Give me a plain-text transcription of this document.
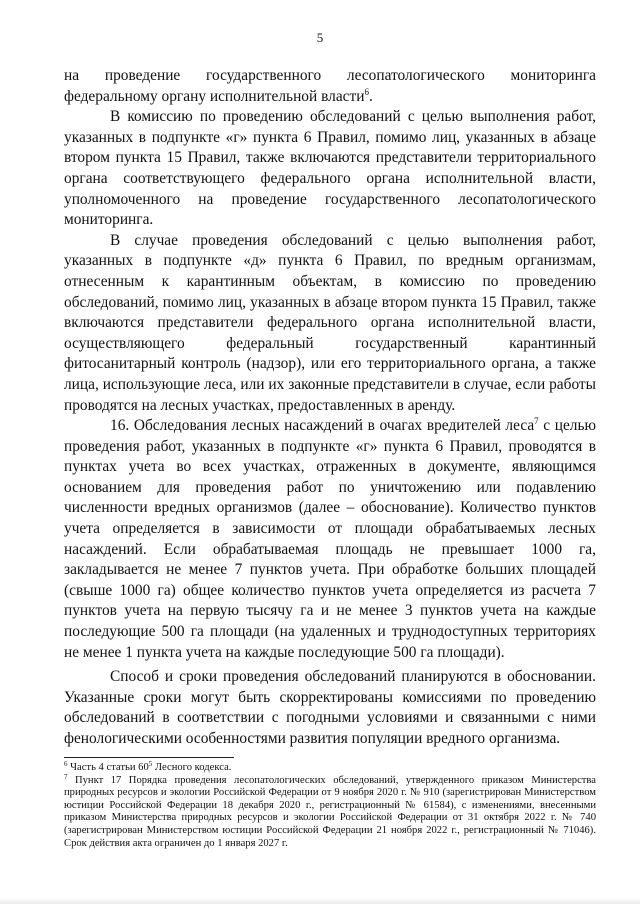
5

на проведение государственного лесопатологического мониторинга федеральному органу исполнительной власти$^6$.

В комиссию по проведению обследований с целью выполнения работ, указанных в подпункте «г» пункта 6 Правил, помимо лиц, указанных в абзаце втором пункта 15 Правил, также включаются представители территориального органа соответствующего федерального органа исполнительной власти, уполномоченного на проведение государственного лесопатологического мониторинга.

В случае проведения обследований с целью выполнения работ, указанных в подпункте «д» пункта 6 Правил, по вредным организмам, отнесенным к карантинным объектам, в комиссию по проведению обследований, помимо лиц, указанных в абзаце втором пункта 15 Правил, также включаются представители федерального органа исполнительной власти, осуществляющего федеральный государственный карантинный фитосанитарный контроль (надзор), или его территориального органа, а также лица, использующие леса, или их законные представители в случае, если работы проводятся на лесных участках, предоставленных в аренду.

16. Обследования лесных насаждений в очагах вредителей леса$^7$ с целью проведения работ, указанных в подпункте «г» пункта 6 Правил, проводятся в пунктах учета во всех участках, отраженных в документе, являющимся основанием для проведения работ по уничтожению или подавлению численности вредных организмов (далее – обоснование). Количество пунктов учета определяется в зависимости от площади обрабатываемых лесных насаждений. Если обрабатываемая площадь не превышает 1000 га, закладывается не менее 7 пунктов учета. При обработке больших площадей (свыше 1000 га) общее количество пунктов учета определяется из расчета 7 пунктов учета на первую тысячу га и не менее 3 пунктов учета на каждые последующие 500 га площади (на удаленных и труднодоступных территориях не менее 1 пункта учета на каждые последующие 500 га площади).

Способ и сроки проведения обследований планируются в обосновании. Указанные сроки могут быть скорректированы комиссиями по проведению обследований в соответствии с погодными условиями и связанными с ними фенологическими особенностями развития популяции вредного организма.

$^6$ Часть 4 статьи $60^5$ Лесного кодекса.

$^7$ Пункт 17 Порядка проведения лесопатологических обследований, утвержденного приказом Министерства природных ресурсов и экологии Российской Федерации от 9 ноября 2020 г. № 910 (зарегистрирован Министерством юстиции Российской Федерации 18 декабря 2020 г., регистрационный № 61584), с изменениями, внесенными приказом Министерства природных ресурсов и экологии Российской Федерации от 31 октября 2022 г. № 740 (зарегистрирован Министерством юстиции Российской Федерации 21 ноября 2022 г., регистрационный № 71046). Срок действия акта ограничен до 1 января 2027 г.
